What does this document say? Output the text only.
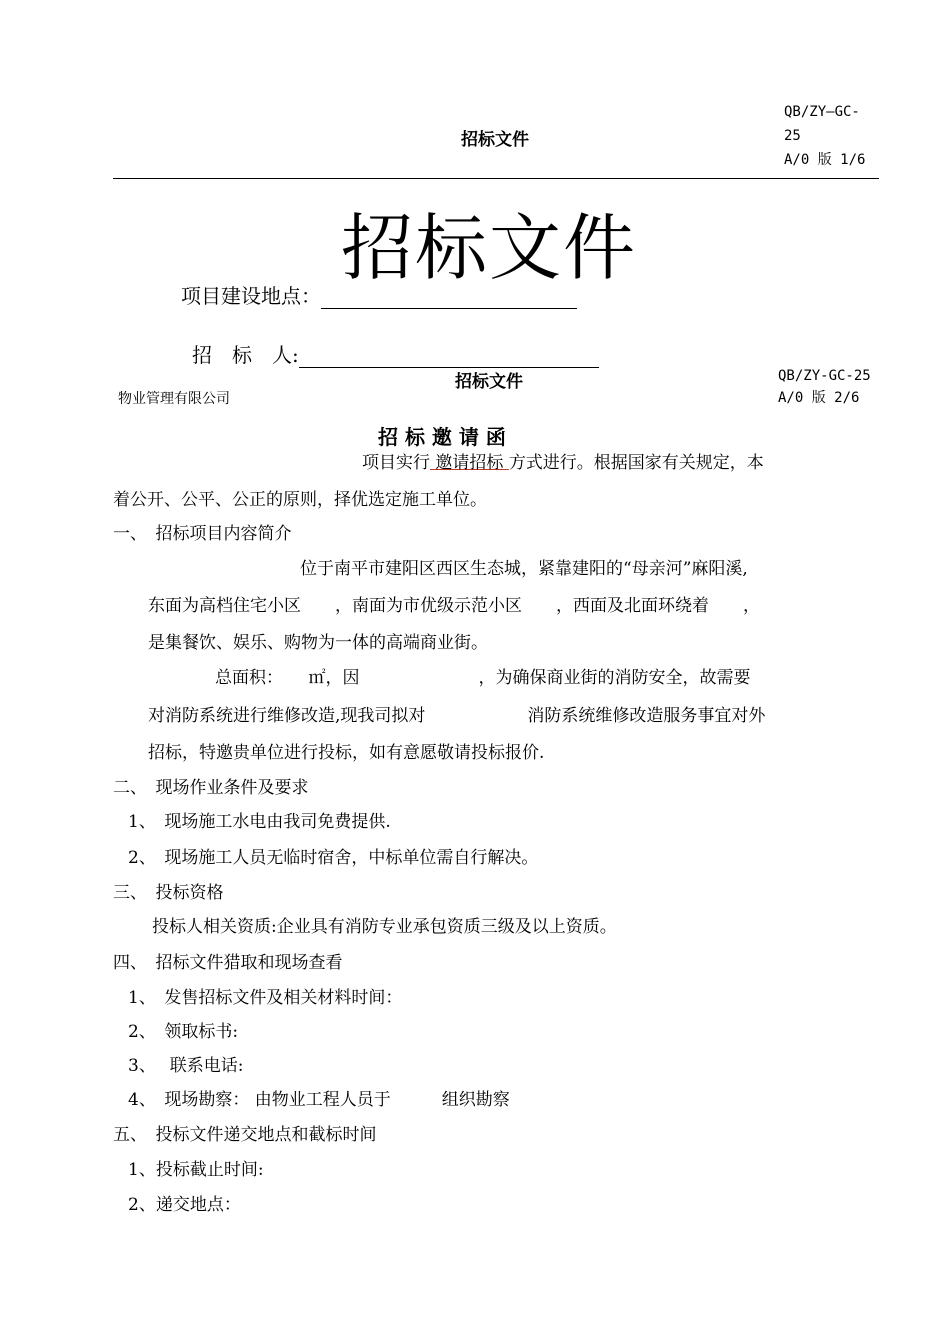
招标文件
QB/ZY—GC-
25
A/0 版 1/6
招标文件
项目建设地点：
招　标　人:
招标文件	QB/ZY-GC-25
A/0 版 2/6
物业管理有限公司
招 标 邀 请 函
项目实行 邀请招标 方式进行。根据国家有关规定，本
着公开、公平、公正的原则，择优选定施工单位。
一、　招标项目内容简介
位于南平市建阳区西区生态城，紧靠建阳的“母亲河”麻阳溪,
东面为高档住宅小区　　，南面为市优级示范小区　　，西面及北面环绕着　　，
是集餐饮、娱乐、购物为一体的高端商业街。
总面积：　　㎡，因　　　　　　　，为确保商业街的消防安全，故需要
对消防系统进行维修改造,现我司拟对　　　　　　消防系统维修改造服务事宜对外
招标，特邀贵单位进行投标，如有意愿敬请投标报价.
二、　现场作业条件及要求
1、　现场施工水电由我司免费提供.
2、　现场施工人员无临时宿舍，中标单位需自行解决。
三、　投标资格
投标人相关资质:企业具有消防专业承包资质三级及以上资质。
四、　招标文件猎取和现场查看
1、　发售招标文件及相关材料时间：
2、　领取标书:
3、　 联系电话:
4、　现场勘察： 由物业工程人员于　　　组织勘察
五、　投标文件递交地点和截标时间
1、投标截止时间:
2、递交地点：
